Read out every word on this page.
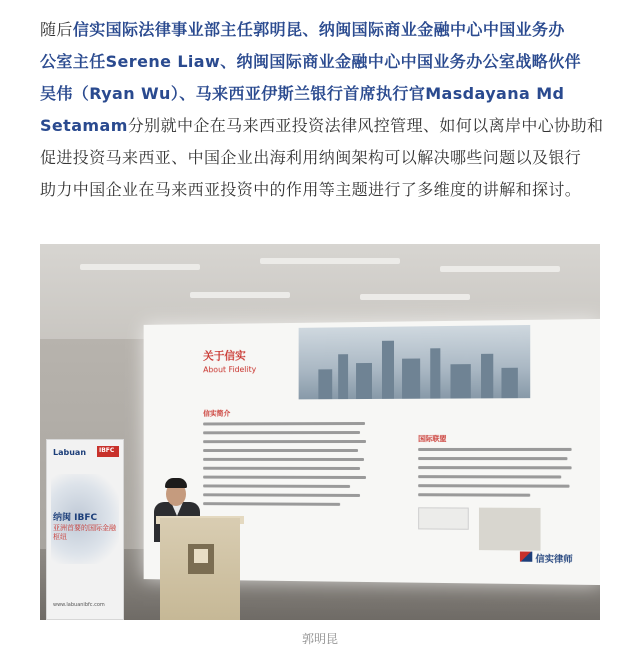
随后信实国际法律事业部主任郭明昆、纳闽国际商业金融中心中国业务办
公室主任Serene Liaw、纳闽国际商业金融中心中国业务办公室战略伙伴
吴伟（Ryan Wu）、马来西亚伊斯兰银行首席执行官Masdayana Md
Setamam分别就中企在马来西亚投资法律风控管理、如何以离岸中心协助和
促进投资马来西亚、中国企业出海利用纳闽架构可以解决哪些问题以及银行
助力中国企业在马来西亚投资中的作用等主题进行了多维度的讲解和探讨。
关于信实
About Fidelity
信实简介
国际联盟
信实律师
Labuan IBFC
纳闽 IBFC
亚洲首要的国际金融枢纽
www.labuanibfc.com
郭明昆
